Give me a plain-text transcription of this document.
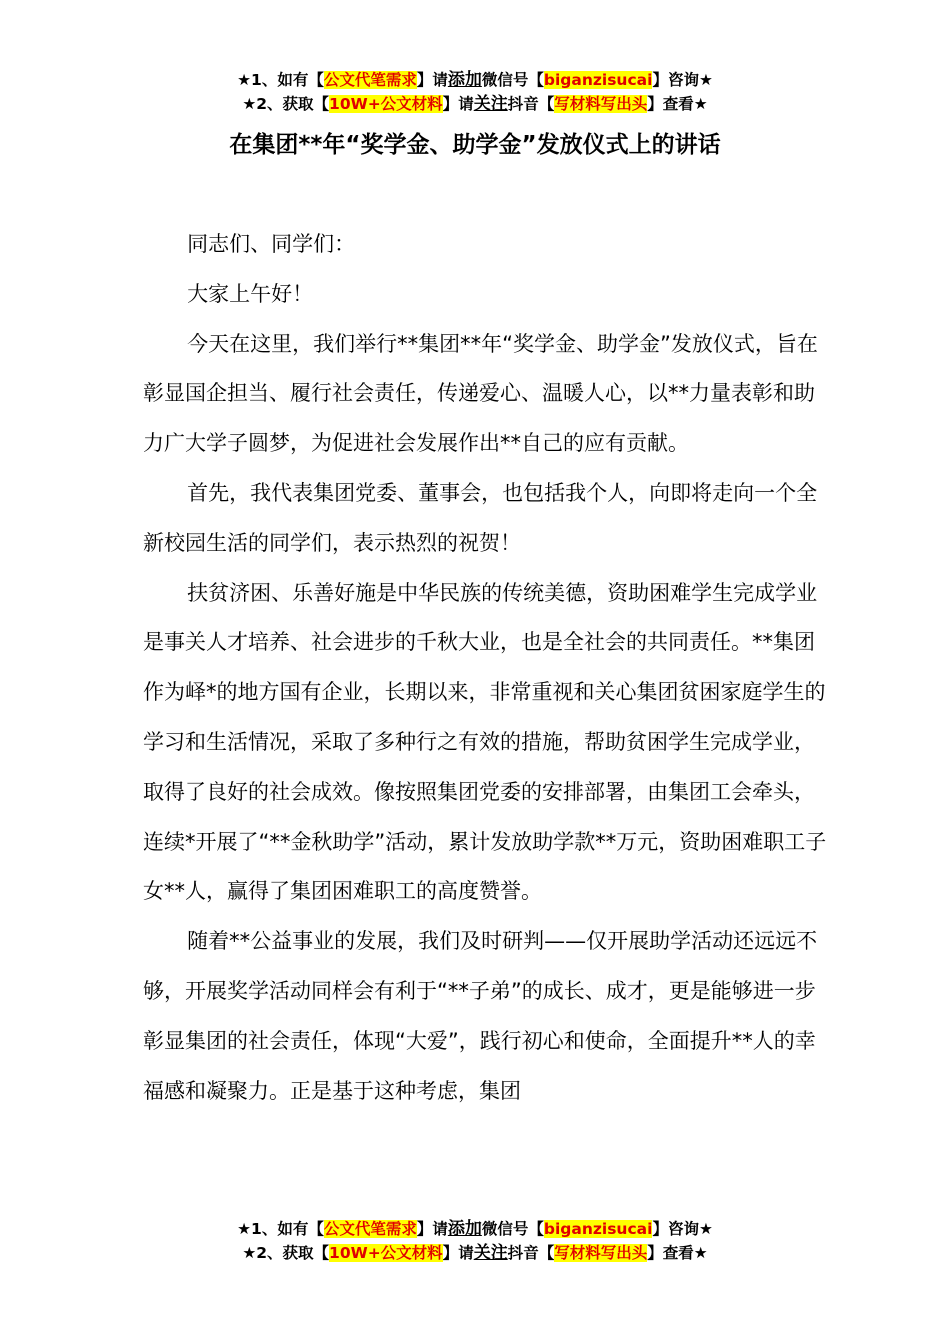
★1、如有【公文代笔需求】请添加微信号【biganzisucai】咨询★
★2、获取【10W+公文材料】请关注抖音【写材料写出头】查看★
在集团**年“奖学金、助学金”发放仪式上的讲话

同志们、同学们：

大家上午好！

今天在这里，我们举行**集团**年“奖学金、助学金”发放仪式，旨在彰显国企担当、履行社会责任，传递爱心、温暖人心，以**力量表彰和助力广大学子圆梦，为促进社会发展作出**自己的应有贡献。

首先，我代表集团党委、董事会，也包括我个人，向即将走向一个全新校园生活的同学们，表示热烈的祝贺！

扶贫济困、乐善好施是中华民族的传统美德，资助困难学生完成学业是事关人才培养、社会进步的千秋大业，也是全社会的共同责任。**集团作为峄*的地方国有企业，长期以来，非常重视和关心集团贫困家庭学生的学习和生活情况，采取了多种行之有效的措施，帮助贫困学生完成学业，取得了良好的社会成效。像按照集团党委的安排部署，由集团工会牵头，连续*开展了“**金秋助学”活动，累计发放助学款**万元，资助困难职工子女**人，赢得了集团困难职工的高度赞誉。

随着**公益事业的发展，我们及时研判——仅开展助学活动还远远不够，开展奖学活动同样会有利于“**子弟”的成长、成才，更是能够进一步彰显集团的社会责任，体现“大爱”，践行初心和使命，全面提升**人的幸福感和凝聚力。正是基于这种考虑，集团

★1、如有【公文代笔需求】请添加微信号【biganzisucai】咨询★
★2、获取【10W+公文材料】请关注抖音【写材料写出头】查看★
